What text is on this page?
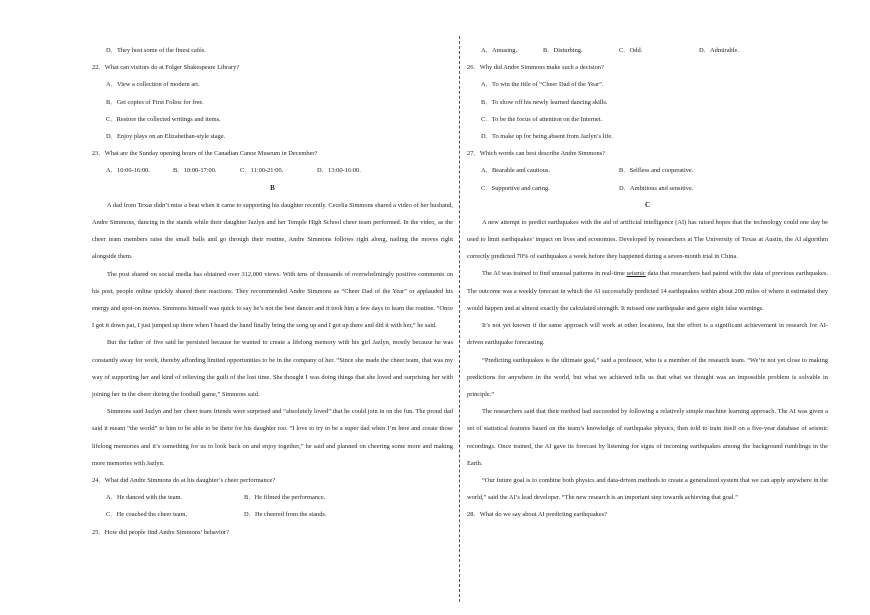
D．They host some of the finest cafés.
22．What can visitors do at Folger Shakespeare Library?
A．View a collection of modern art.
B．Get copies of First Folios for free.
C．Restore the collected writings and items.
D．Enjoy plays on an Elizabethan-style stage.
23．What are the Sunday opening hours of the Canadian Canoe Museum in December?
A．10:00-16:00.	B．10:00-17:00.	C．11:00-21:00.	D．13:00-16:00.
B

A dad from Texas didn’t miss a beat when it came to supporting his daughter recently. Cecelia Simmons shared a video of her husband, Andre Simmons, dancing in the stands while their daughter Jazlyn and her Temple High School cheer team performed. In the video, as the cheer team members raise the small balls and go through their routine, Andre Simmons follows right along, nailing the moves right alongside them.

The post shared on social media has obtained over 312,000 views. With tens of thousands of overwhelmingly positive comments on his post, people online quickly shared their reactions. They recommended Andre Simmons as “Cheer Dad of the Year” or applauded his energy and spot-on moves. Simmons himself was quick to say he’s not the best dancer and it took him a few days to learn the routine. “Once I got it down pat, I just jumped up there when I heard the band finally bring the song up and I got up there and did it with her,” he said.

But the father of five said he persisted because he wanted to create a lifelong memory with his girl Jazlyn, mostly because he was constantly away for work, thereby affording limited opportunities to be in the company of her. “Since she made the cheer team, that was my way of supporting her and kind of relieving the guilt of the lost time. She thought I was doing things that she loved and surprising her with joining her in the cheer during the football game,” Simmons said.

Simmons said Jazlyn and her cheer team friends were surprised and “absolutely loved” that he could join in on the fun. The proud dad said it meant “the world” to him to be able to be there for his daughter too. “I love to try to be a super dad when I’m here and create those lifelong memories and it’s something for us to look back on and enjoy together,” he said and planned on cheering some more and making more memories with Jazlyn.

24．What did Andre Simmons do at his daughter’s cheer performance?
A．He danced with the team.	B．He filmed the performance.
C．He coached the cheer team.	D．He cheered from the stands.
25．How did people find Andre Simmons’ behavior?
A．Amusing.	B．Disturbing.	C．Odd.	D．Admirable.
26．Why did Andre Simmons make such a decision?
A．To win the title of “Cheer Dad of the Year”.
B．To show off his newly learned dancing skills.
C．To be the focus of attention on the Internet.
D．To make up for being absent from Jazlyn’s life.
27．Which words can best describe Andre Simmons?
A．Bearable and cautious.	B．Selfless and cooperative.
C．Supportive and caring.	D．Ambitious and sensitive.
C

A new attempt to predict earthquakes with the aid of artificial intelligence (AI) has raised hopes that the technology could one day be used to limit earthquakes’ impact on lives and economies. Developed by researchers at The University of Texas at Austin, the AI algorithm correctly predicted 70% of earthquakes a week before they happened during a seven-month trial in China.

The AI was trained to find unusual patterns in real-time seismic data that researchers had paired with the data of previous earthquakes. The outcome was a weekly forecast in which the AI successfully predicted 14 earthquakes within about 200 miles of where it estimated they would happen and at almost exactly the calculated strength. It missed one earthquake and gave eight false warnings.

It’s not yet known if the same approach will work at other locations, but the effort is a significant achievement in research for AI-driven earthquake forecasting.

“Predicting earthquakes is the ultimate goal,” said a professor, who is a member of the research team. “We’re not yet close to making predictions for anywhere in the world, but what we achieved tells us that what we thought was an impossible problem is solvable in principle.”

The researchers said that their method had succeeded by following a relatively simple machine learning approach. The AI was given a set of statistical features based on the team’s knowledge of earthquake physics, then told to train itself on a five-year database of seismic recordings. Once trained, the AI gave its forecast by listening for signs of incoming earthquakes among the background rumblings in the Earth.

“Our future goal is to combine both physics and data-driven methods to create a generalized system that we can apply anywhere in the world,” said the AI’s lead developer. “The new research is an important step towards achieving that goal.”

28．What do we say about AI predicting earthquakes?
